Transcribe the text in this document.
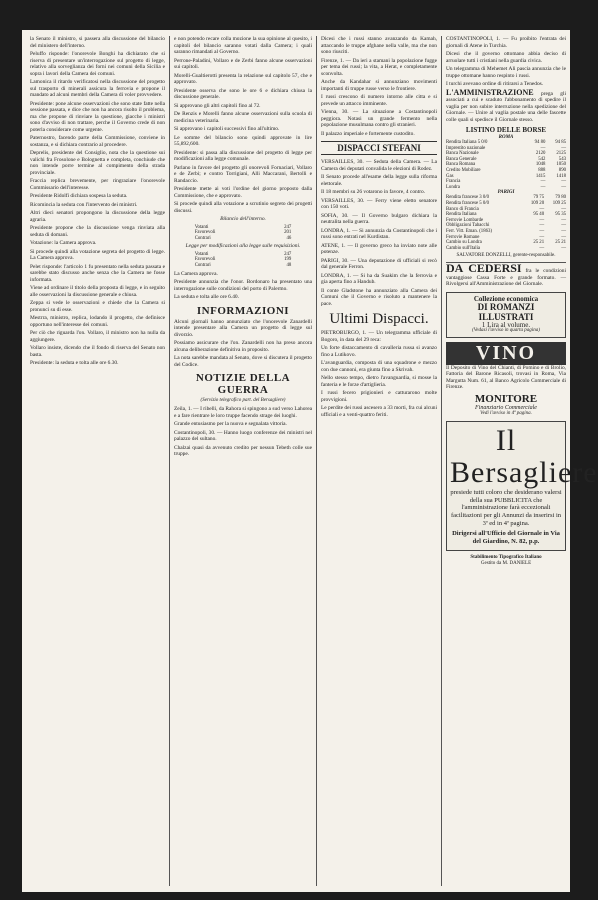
la Senato il ministro, si passera alla discussione del bilancio del ministero dell'interno.

Peluffo risponde: l'onorevole Bonghi ha dichiarato che si riserva di presentare un'interrogazione sul progetto di legge, relativo alla sorveglianza dei forni nei comuni della Sicilia e sopra i lavori della Camera dei comuni.

Lamonica il ritardo verificatosi nella discussione del progetto sul trasporto di minerali assicura la ferrovia e propone il mandato ad alcuni membri della Camera di voler provvedere.

Presidente: pone alcune osservazioni che sono state fatte nella sessione passata, e dice che non ha ancora risolto il problema, ma che propone di rinviare la questione, giacche i ministri sono d'avviso di non trattare, perche il Governo crede di non poterla considerare come urgente.

Paternostro, facendo parte della Commissione, conviene in sostanza, e si dichiara contrario al procedere.

Deprelis, presidente del Consiglio, nota che la questione sui valichi fra Frosolone e Bolognetta e completa, conchiude che non intende porre termine al compimento della strada provinciale.

Fraccia replica brevemente, per ringraziare l'onorevole Commissario dell'interesse.

Presidente Ridolfi dichiara sospesa la seduta.

Ricomincia la seduta con l'intervento dei ministri.

Altri dieci senatori propongono la discussione della legge agraria.

Presidente propone che la discussione venga rinviata alla seduta di domani.

Votazione: la Camera approva.

Si procede quindi alla votazione segreta del progetto di legge. La Camera approva.

Pelet risponde: l'articolo 1 fu presentato nella seduta passata e sarebbe stato discusso anche senza che la Camera ne fosse informata.

Viene ad ordinare il titolo della proposta di legge, e in seguito alle osservazioni la discussione generale e chiusa.

Zeppa si vede le osservazioni e chiede che la Camera si pronunci su di esse.

Mestrra, ministro, replica, lodando il progetto, che definisce opportuno nell'interesse dei comuni.

Per ciò che riguarda l'on. Vollaro, il ministro non ha nulla da aggiungere.

Vollaro insiste, dicendo che il fondo di riserva del Senato non basta.

Presidente: la seduta e tolta alle ore 6.30.

e non potendo recare colla mozione la sua opinione al quesito, i capitoli del bilancio saranno votati dalla Camera; i quali saranno rimandati al Governo.

Perrone-Paladini, Vollaro e de Zerbi fanno alcune osservazioni sui capitoli.

Morelli-Gualtierotti presenta la relazione sul capitolo 57, che e approvato.

Presidente osserva che sono le ore 6 e dichiara chiusa la discussione generale.

Si approvano gli altri capitoli fino al 72.

De Renzis e Morelli fanno alcune osservazioni sulla scuola di medicina veterinaria.

Si approvano i capitoli successivi fino all'ultimo.

Le somme del bilancio sono quindi approvate in lire 55,892,600.

Presidente: si passa alla discussione del progetto di legge per modificazioni alla legge comunale.

Parlano in favore del progetto gli onorevoli Fornaciari, Vollaro e de Zerbi; e contro Torrigiani, Alli Maccarani, Bertolli e Randaccio.

Presidente mette ai voti l'ordine del giorno proposto dalla Commissione, che e approvato.

Si procede quindi alla votazione a scrutinio segreto dei progetti discussi.

Bilancio dell'interno.
Votanti	247
Favorevoli	201
Contrari	46
Legge per modificazioni alla legge sulle requisizioni.
Votanti	247
Favorevoli	199
Contrari	48

La Camera approva.

Presidente annunzia che l'onor. Bordonaro ha presentato una interrogazione sulle condizioni del porto di Palermo.

La seduta e tolta alle ore 6.40.

INFORMAZIONI

Alcuni giornali hanno annunziato che l'onorevole Zanardelli intende presentare alla Camera un progetto di legge sul divorzio.

Possiamo assicurare che l'on. Zanardelli non ha preso ancora alcuna deliberazione definitiva in proposito.

La nota sarebbe mandata al Senato, dove si discutera il progetto del Codice.

NOTIZIE DELLA GUERRA
(Servizio telegrafico part. del Bersagliere)

Zeila, 1. — I ribelli, da Rahora si spingono a sud verso Lahorea e a fare rientrare le loro truppe facendo strage dei luoghi.

Grande entusiasmo per la nuova e segnalata vittoria.

Costantinopoli, 30. — Hanno luogo conferenze dei ministri nel palazzo del sultano.

Chalzai quasi da avvenuto credito per nessun Tebeth colle sue truppe.

Dicesi che i russi stanno avanzando da Kamah, attaccando le truppe afghane nella valle, ma che non sono riusciti.

Firenze, 1. — Da ieri a stamani la popolazione fugge per tema dei russi; la vita, a Herat, e completamente sconvolta.

Anche da Kandahar si annunziano movimenti importanti di truppe russe verso le frontiere.

I russi crescono di numero intorno alle citta e si prevede un attacco imminente.

Vienna, 30. — La situazione a Costantinopoli peggiora. Notasi un grande fermento nella popolazione musulmana contro gli stranieri.

Il palazzo imperiale e fortemente custodito.

DISPACCI STEFANI

VERSAILLES, 30. — Seduta della Camera. — La Camera dei deputati convalida le elezioni di Rodez.

Il Senato procede all'esame della legge sulla riforma elettorale.

Il 18 membri su 26 votarono in favore, 4 contro.

VERSAILLES, 30. — Ferry viene eletto senatore con 150 voti.

SOFIA, 30. — Il Governo bulgaro dichiara la neutralita nella guerra.

LONDRA, 1. — Si annunzia da Costantinopoli che i russi sono entrati nel Kurdistan.

ATENE, 1. — Il governo greco ha inviato note alle potenze.

PARIGI, 30. — Una deputazione di ufficiali si recò dal generale Ferron.

LONDRA, 1. — Si ha da Suakim che la ferrovia e gia aperta fino a Handub.

Il conte Gladstone ha annunziato alla Camera dei Comuni che il Governo e risoluto a mantenere la pace.

Ultimi Dispacci.

PIETROBURGO, 1. — Un telegramma ufficiale di Bogoro, in data del 29 reca:

Un forte distaccamento di cavalleria russa si avanzo fino a Lutikovo.

L'avanguardia, composta di una squadrone e mezzo con due cannoni, era giunta fino a Skrivah.

Nello stesso tempo, dietro l'avanguardia, si mosse la fanteria e le forze d'artiglieria.

I russi fecero prigionieri e catturarono molte provvigioni.

Le perdite dei russi ascesero a 33 morti, fra cui alcuni ufficiali e a venti-quattro feriti.

COSTANTINOPOLI, 1. — Fu proibito l'entrata dei giornali di Atene in Turchia.

Dicesi che il governo ottomano abbia deciso di arruolare tutti i cristiani nella guardia civica.

Un telegramma di Mehemet Ali pascia annunzia che le truppe ottomane hanno respinto i russi.

I turchi avevano ordine di ritirarsi a Tenedos.

L'AMMINISTRAZIONE prega gli associati a cui e scaduto l'abbonamento di spedire il vaglia per non subire interruzione nella spedizione del Giornale. — Unire al vaglia postale una delle fascette colle quali si spedisce il Giornale stesso.
LISTINO DELLE BORSE
ROMA
Rendita Italiana 5 0/0	94 80	94 85
Imprestito nazionale	—	—
Banca Nazionale	2120	2125
Banca Generale	542	543
Banca Romana	1048	1050
Credito Mobiliare	888	890
Gas	1415	1418
Francia	—	—
Londra	—	—
PARIGI
Rendita francese 3 0/0	79 75	79 80
Rendita francese 5 0/0	109 20	109 25
Banco di Francia	—	—
Rendita Italiana	95 40	95 35
Ferrovie Lombarde	—	—
Obbligazioni Tabacchi	—	—
Ferr. Vitt. Eman. (1863)	—	—
Ferrovie Romane	—	—
Cambio su Londra	25 21	25 21
Cambio sull'Italia	—	—
SALVATORE DONZELLI, gerente-responsabile.
DA CEDERSI fra le condizioni vantaggiose Cassa Forte e grande formato. — Rivolgersi all'Amministrazione del Giornale.
Collezione economica
DI ROMANZI ILLUSTRATI
1 Lira al volume.
(Vedasi l'avviso in quarta pagina)
VINO
Il Deposito di Vino del Chianti, di Pomino e di Brolio, Fattoria del Barone Ricasoli, trovasi in Roma, Via Margutta Num. 61, al Banco Agricolo Commerciale di Firenze.
MONITORE
Finanziario Commerciale
Vedi l'avviso in 4ª pagina.
Il Bersagliere
presiede tutti coloro che desiderano valersi della sua PUBBLICITA che l'amministrazione farà eccezionali facilitazioni per gli Annunzi da inserirsi in 3ª ed in 4ª pagina.
Dirigersi all'Ufficio del Giornale in Via del Giardino, N. 82, p.p.
Stabilimento Tipografico Italiano
Gestito da M. DANIELE
